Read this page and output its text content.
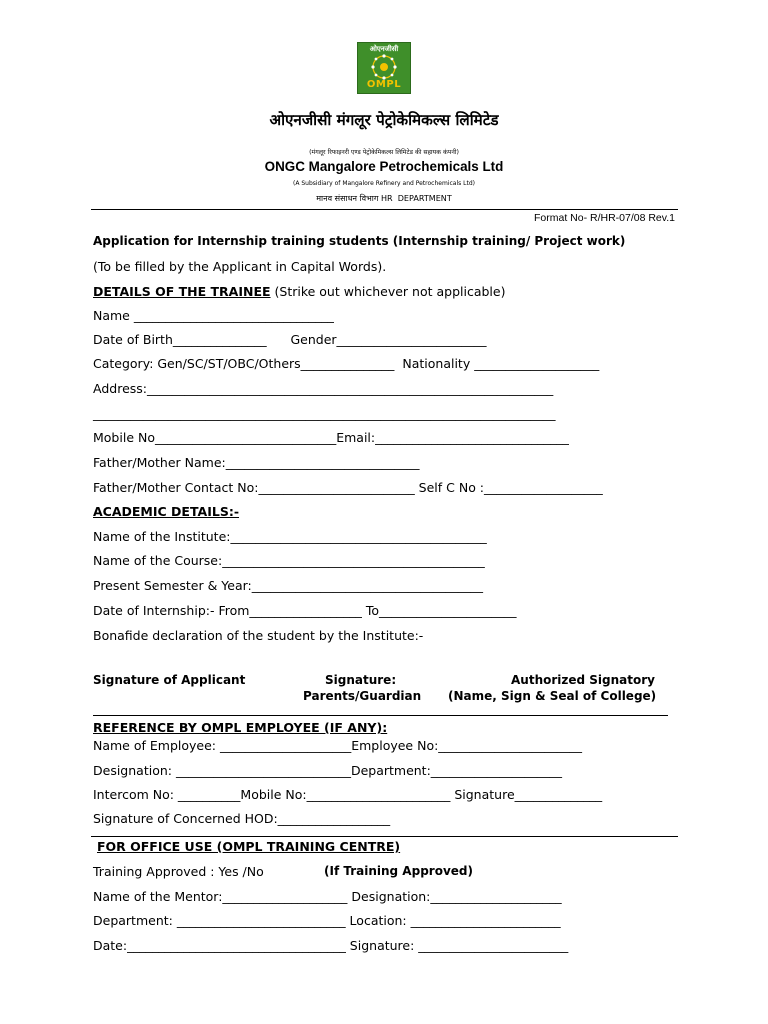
ओएनजीसी
OMPL
ओएनजीसी मंगलूर पेट्रोकेमिकल्स लिमिटेड
(मंगलूर रिफाइनरी एण्ड पेट्रोकेमिकल्स लिमिटेड की सहायक कंपनी)
ONGC Mangalore Petrochemicals Ltd
(A Subsidiary of Mangalore Refinery and Petrochemicals Ltd)
मानव संसाधन विभाग HR  DEPARTMENT
Format No- R/HR-07/08 Rev.1
Application for Internship training students (Internship training/ Project work)
(To be filled by the Applicant in Capital Words).
DETAILS OF THE TRAINEE (Strike out whichever not applicable)
Name ________________________________
Date of Birth_______________      Gender________________________
Category: Gen/SC/ST/OBC/Others_______________  Nationality ____________________
Address:_________________________________________________________________
__________________________________________________________________________
Mobile No_____________________________Email:_______________________________
Father/Mother Name:_______________________________
Father/Mother Contact No:_________________________ Self C No :___________________
ACADEMIC DETAILS:-
Name of the Institute:_________________________________________
Name of the Course:__________________________________________
Present Semester & Year:_____________________________________
Date of Internship:- From__________________ To______________________
Bonafide declaration of the student by the Institute:-
Signature of Applicant	Signature:
Parents/Guardian
Authorized Signatory
(Name, Sign & Seal of College)
REFERENCE BY OMPL EMPLOYEE (IF ANY):
Name of Employee: _____________________Employee No:_______________________
Designation: ____________________________Department:_____________________
Intercom No: __________Mobile No:_______________________ Signature______________
Signature of Concerned HOD:__________________
FOR OFFICE USE (OMPL TRAINING CENTRE)
Training Approved : Yes /No	(If Training Approved)
Name of the Mentor:____________________ Designation:_____________________
Department: ___________________________ Location: ________________________
Date:___________________________________ Signature: ________________________
